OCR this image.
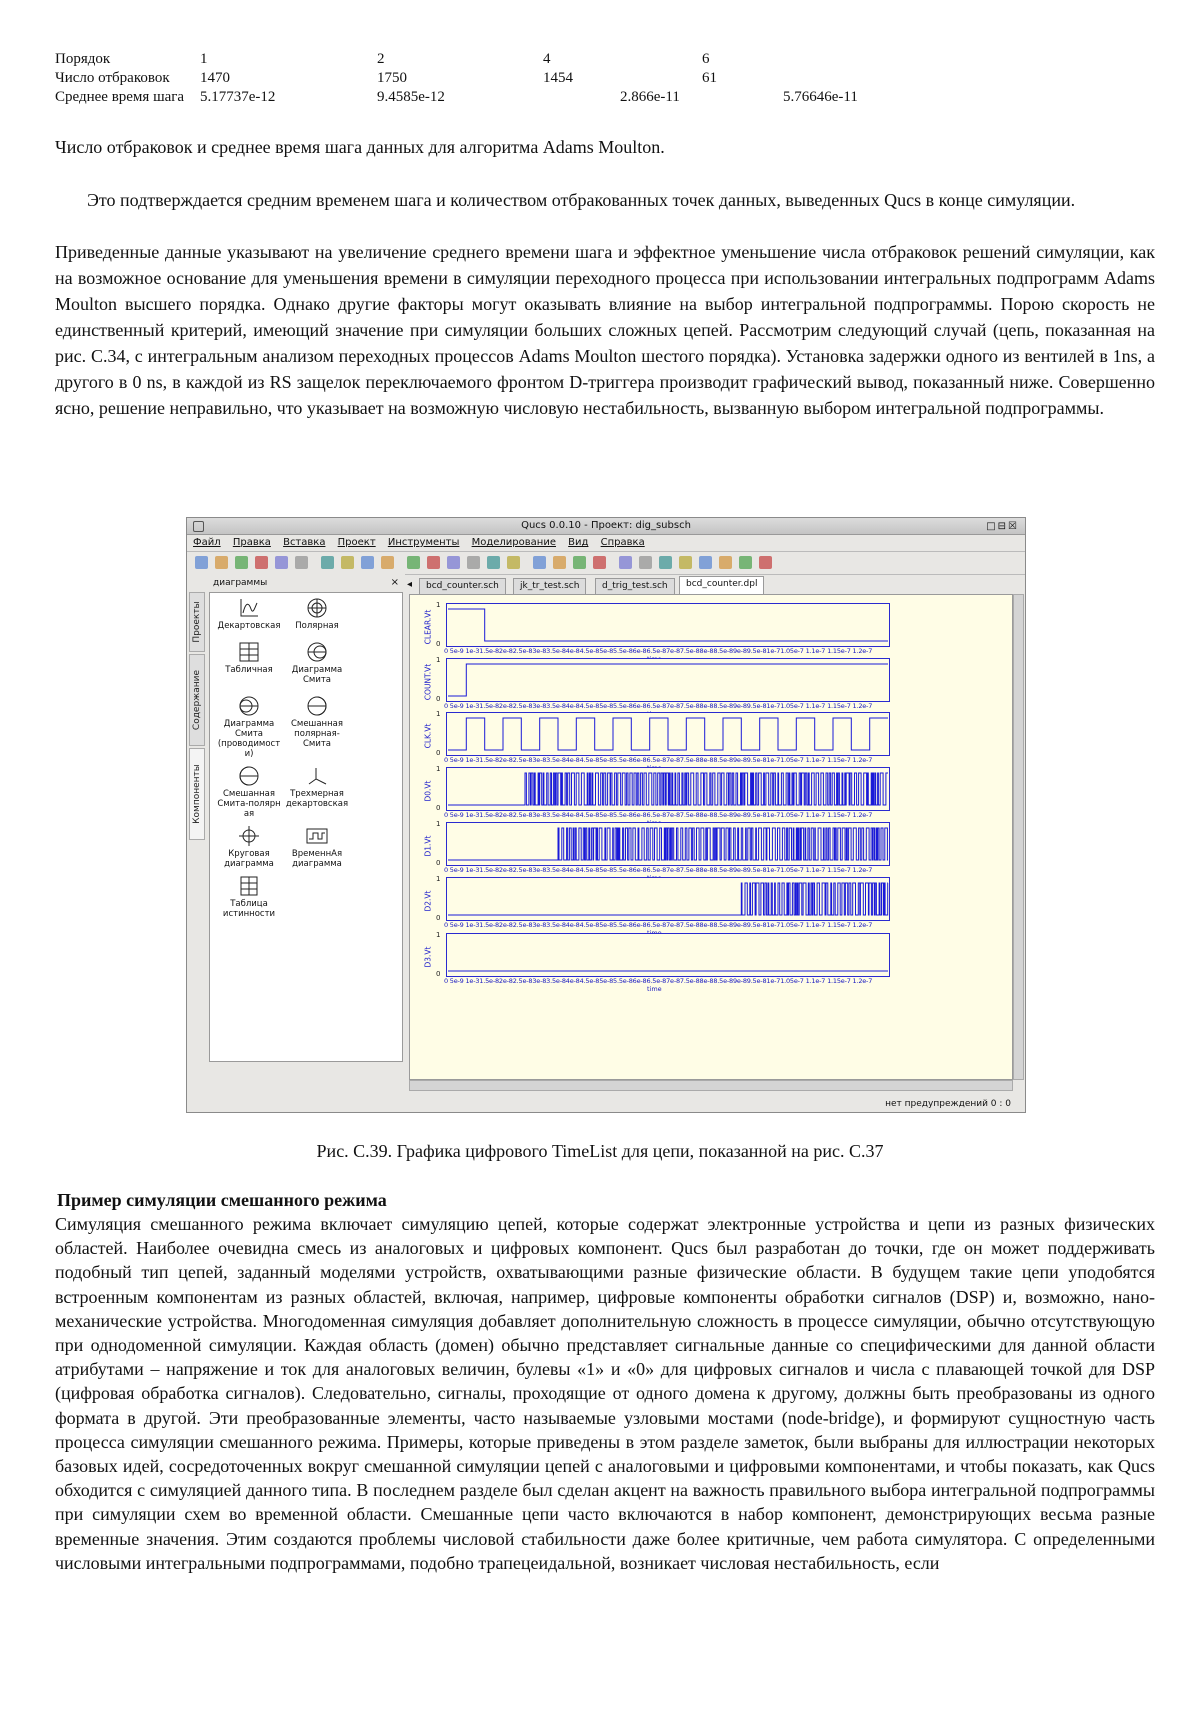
Порядок	1	2	4	6
Число отбраковок 1470	1750	1454	61
Среднее время шага 5.17737e-12	9.4585e-12	2.866e-11	5.76646e-11
Число отбраковок и среднее время шага данных для алгоритма Adams Moulton.

Это подтверждается средним временем шага и количеством отбракованных точек данных, выведенных Qucs в конце симуляции.

Приведенные данные указывают на увеличение среднего времени шага и эффектное уменьшение числа отбраковок решений симуляции, как на возможное основание для уменьшения времени в симуляции переходного процесса при использовании интегральных подпрограмм Adams Moulton высшего порядка. Однако другие факторы могут оказывать влияние на выбор интегральной подпрограммы. Порою скорость не единственный критерий, имеющий значение при симуляции больших сложных цепей. Рассмотрим следующий случай (цепь, показанная на рис. C.34, с интегральным анализом переходных процессов Adams Moulton шестого порядка). Установка задержки одного из вентилей в 1ns, а другого в 0 ns, в каждой из RS защелок переключаемого фронтом D-триггера производит графический вывод, показанный ниже. Совершенно ясно, решение неправильно, что указывает на возможную числовую нестабильность, вызванную выбором интегральной подпрограммы.

Qucs 0.0.10 - Проект: dig_subsch	□⊟☒
Файл Правка Вставка Проект Инструменты Моделирование Вид Справка
Проекты
Содержание
Компоненты
диаграммы	×
Декартовская	Полярная
Табличная	Диаграмма Смита
Диаграмма Смита (проводимост и)
Смешанная полярная-Смита
Смешанная Смита-полярн ая
Трехмерная декартовская
Круговая диаграмма
ВременнАя диаграмма
Таблица истинности
◂	bcd_counter.sch	jk_tr_test.sch	d_trig_test.sch	bcd_counter.dpl
CLEAR.Vt
1
0
0 5e-9 1e-31.5e-82e-82.5e-83e-83.5e-84e-84.5e-85e-85.5e-86e-86.5e-87e-87.5e-88e-88.5e-89e-89.5e-81e-71.05e-7 1.1e-7 1.15e-7 1.2e-7
COUNT.Vt
1
0
0 5e-9 1e-31.5e-82e-82.5e-83e-83.5e-84e-84.5e-85e-85.5e-86e-86.5e-87e-87.5e-88e-88.5e-89e-89.5e-81e-71.05e-7 1.1e-7 1.15e-7 1.2e-7
CLK.Vt
1
0
0 5e-9 1e-31.5e-82e-82.5e-83e-83.5e-84e-84.5e-85e-85.5e-86e-86.5e-87e-87.5e-88e-88.5e-89e-89.5e-81e-71.05e-7 1.1e-7 1.15e-7 1.2e-7
D0.Vt
1
0
0 5e-9 1e-31.5e-82e-82.5e-83e-83.5e-84e-84.5e-85e-85.5e-86e-86.5e-87e-87.5e-88e-88.5e-89e-89.5e-81e-71.05e-7 1.1e-7 1.15e-7 1.2e-7
D1.Vt
1
0
0 5e-9 1e-31.5e-82e-82.5e-83e-83.5e-84e-84.5e-85e-85.5e-86e-86.5e-87e-87.5e-88e-88.5e-89e-89.5e-81e-71.05e-7 1.1e-7 1.15e-7 1.2e-7
D2.Vt
1
0
0 5e-9 1e-31.5e-82e-82.5e-83e-83.5e-84e-84.5e-85e-85.5e-86e-86.5e-87e-87.5e-88e-88.5e-89e-89.5e-81e-71.05e-7 1.1e-7 1.15e-7 1.2e-7
D3.Vt
1
0
0 5e-9 1e-31.5e-82e-82.5e-83e-83.5e-84e-84.5e-85e-85.5e-86e-86.5e-87e-87.5e-88e-88.5e-89e-89.5e-81e-71.05e-7 1.1e-7 1.15e-7 1.2e-7
time
нет предупреждений 0 : 0
Рис. C.39. Графика цифрового TimeList для цепи, показанной на рис. C.37
Пример симуляции смешанного режима

Симуляция смешанного режима включает симуляцию цепей, которые содержат электронные устройства и цепи из разных физических областей. Наиболее очевидна смесь из аналоговых и цифровых компонент. Qucs был разработан до точки, где он может поддерживать подобный тип цепей, заданный моделями устройств, охватывающими разные физические области. В будущем такие цепи уподобятся встроенным компонентам из разных областей, включая, например, цифровые компоненты обработки сигналов (DSP) и, возможно, нано-механические устройства. Многодоменная симуляция добавляет дополнительную сложность в процессе симуляции, обычно отсутствующую при однодоменной симуляции. Каждая область (домен) обычно представляет сигнальные данные со специфическими для данной области атрибутами – напряжение и ток для аналоговых величин, булевы «1» и «0» для цифровых сигналов и числа с плавающей точкой для DSP (цифровая обработка сигналов). Следовательно, сигналы, проходящие от одного домена к другому, должны быть преобразованы из одного формата в другой. Эти преобразованные элементы, часто называемые узловыми мостами (node-bridge), и формируют сущностную часть процесса симуляции смешанного режима. Примеры, которые приведены в этом разделе заметок, были выбраны для иллюстрации некоторых базовых идей, сосредоточенных вокруг смешанной симуляции цепей с аналоговыми и цифровыми компонентами, и чтобы показать, как Qucs обходится с симуляцией данного типа. В последнем разделе был сделан акцент на важность правильного выбора интегральной подпрограммы при симуляции схем во временной области. Смешанные цепи часто включаются в набор компонент, демонстрирующих весьма разные временные значения. Этим создаются проблемы числовой стабильности даже более критичные, чем работа симулятора. С определенными числовыми интегральными подпрограммами, подобно трапецеидальной, возникает числовая нестабильность, если
